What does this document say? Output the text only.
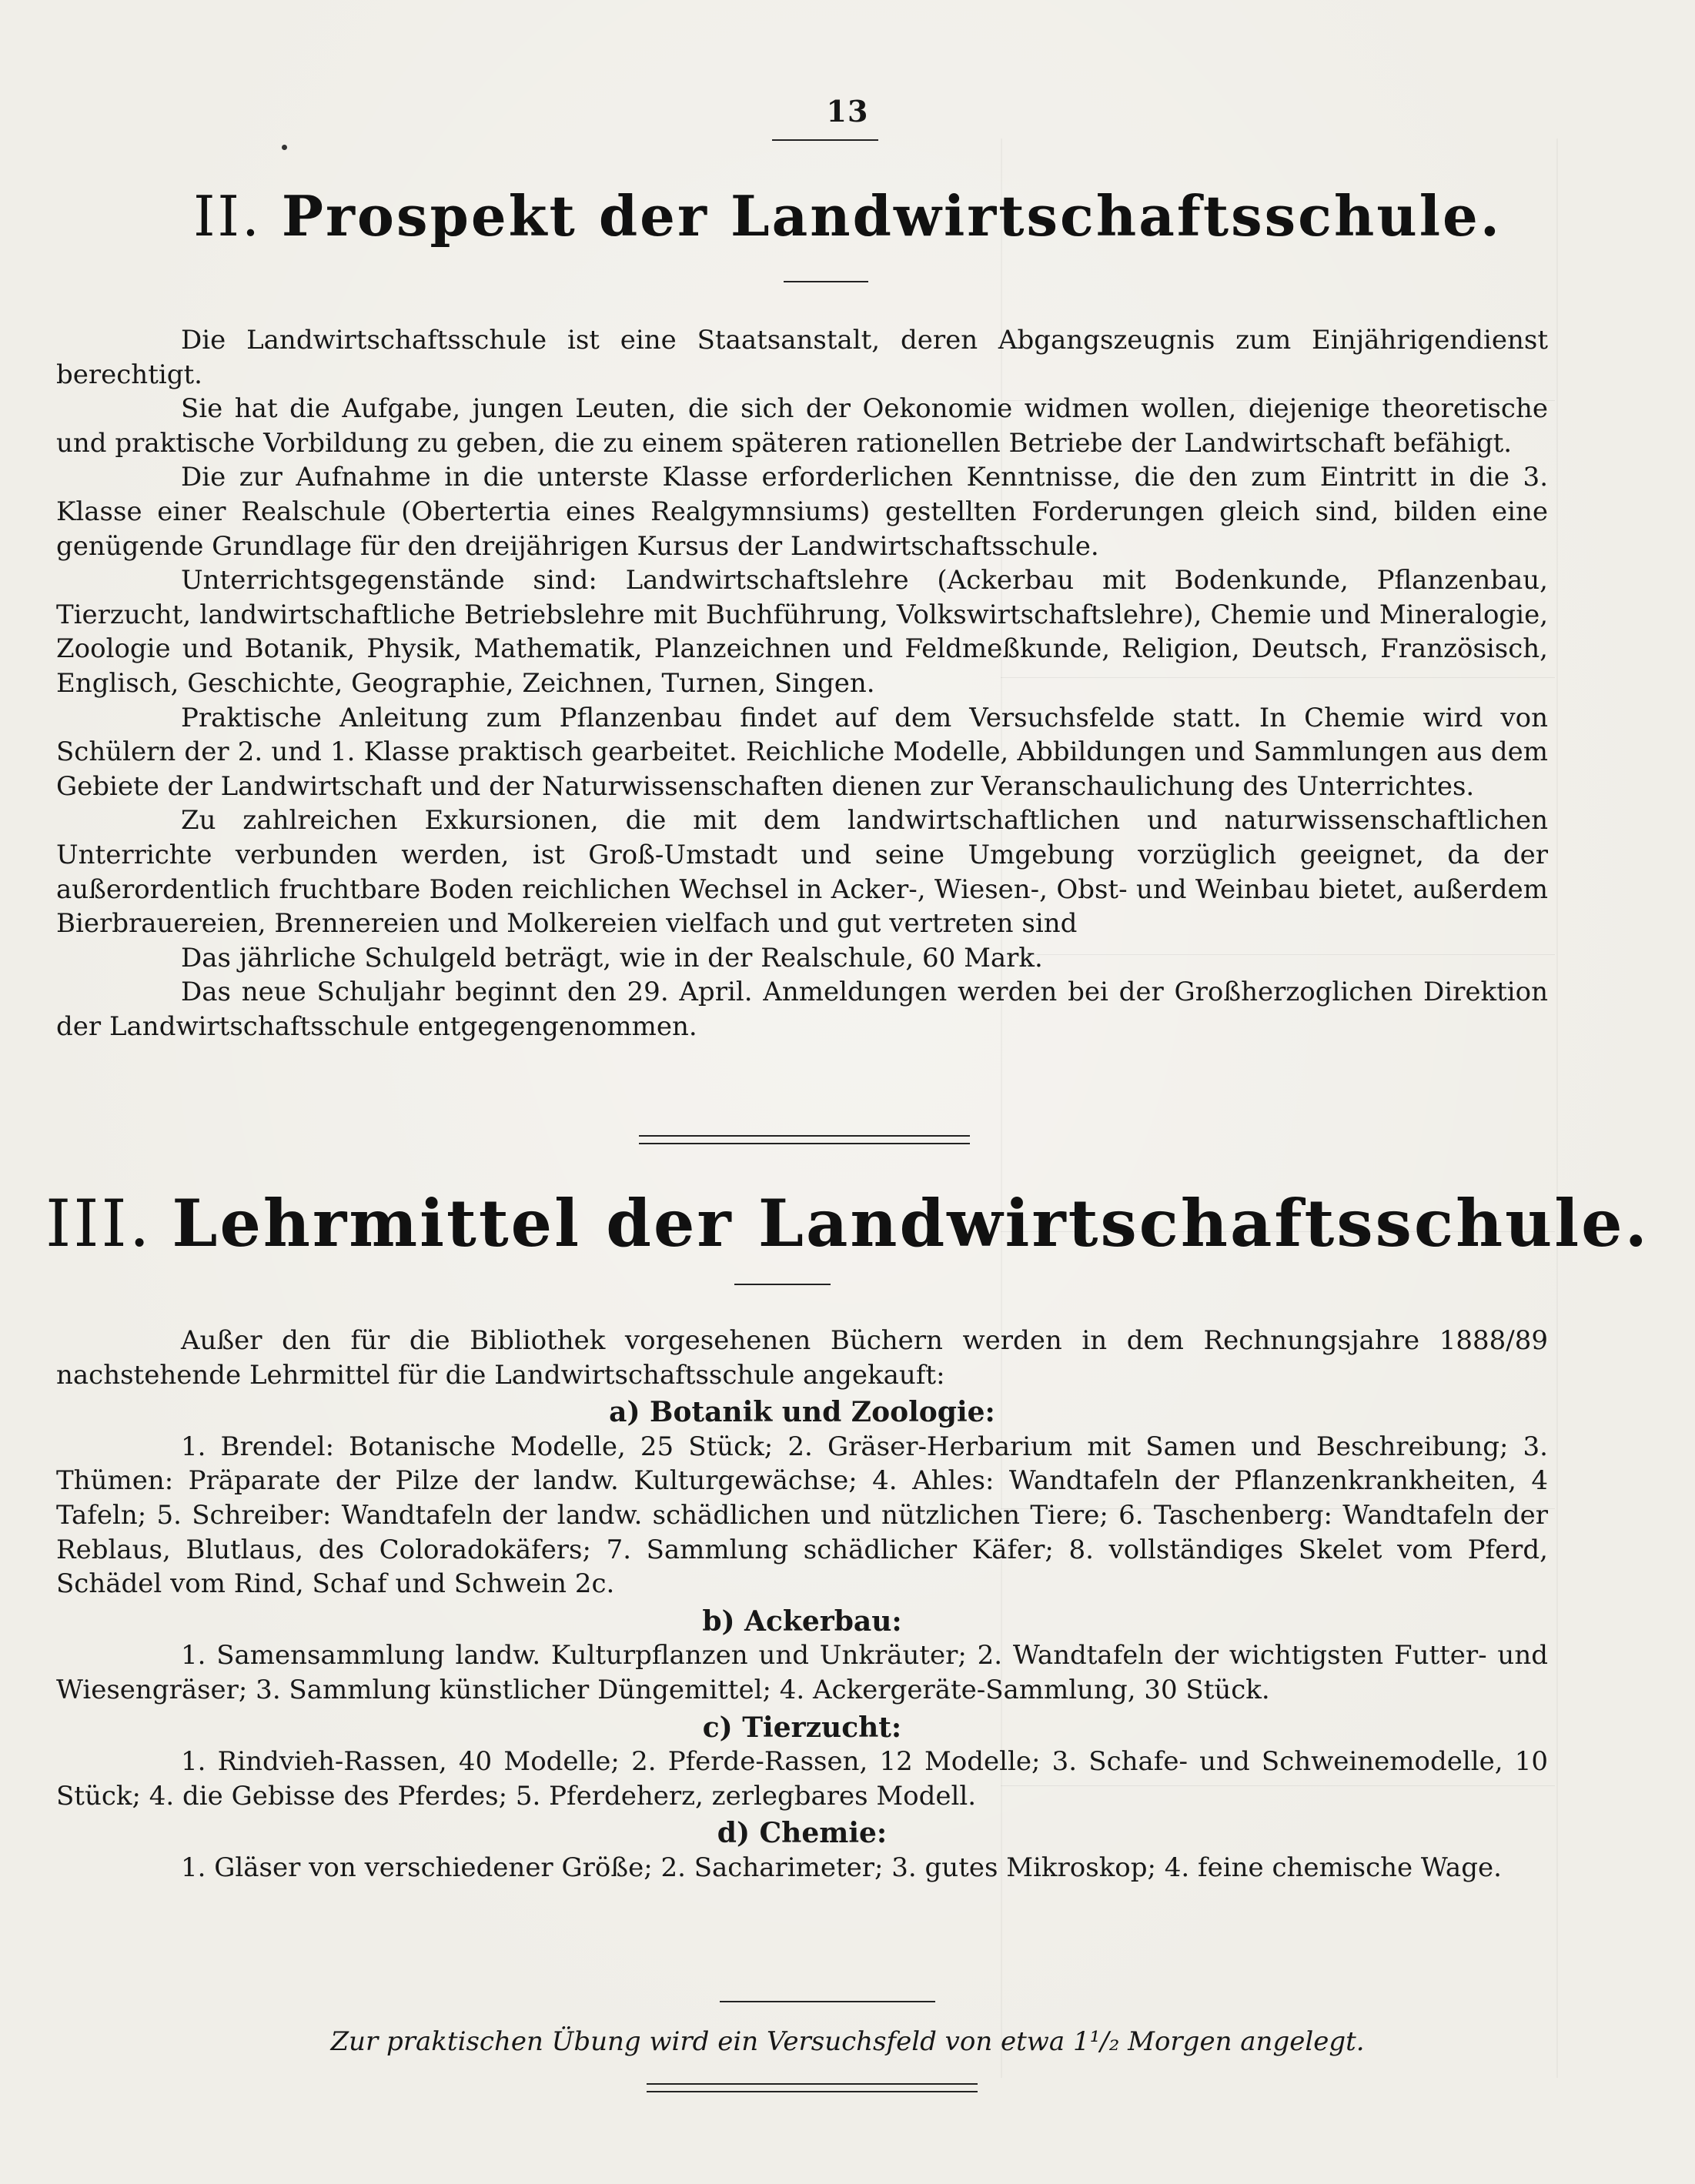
13
II. Prospekt der Landwirtschaftsschule.

Die Landwirtschaftsschule ist eine Staatsanstalt, deren Abgangszeugnis zum Einjährigendienst berechtigt.

Sie hat die Aufgabe, jungen Leuten, die sich der Oekonomie widmen wollen, diejenige theoretische und praktische Vorbildung zu geben, die zu einem späteren rationellen Betriebe der Landwirtschaft befähigt.

Die zur Aufnahme in die unterste Klasse erforderlichen Kenntnisse, die den zum Eintritt in die 3. Klasse einer Realschule (Obertertia eines Realgymnsiums) gestellten Forderungen gleich sind, bilden eine genügende Grundlage für den dreijährigen Kursus der Landwirtschaftsschule.

Unterrichtsgegenstände sind: Landwirtschaftslehre (Ackerbau mit Bodenkunde, Pflanzenbau, Tierzucht, landwirtschaftliche Betriebslehre mit Buchführung, Volkswirtschaftslehre), Chemie und Mineralogie, Zoologie und Botanik, Physik, Mathematik, Planzeichnen und Feldmeßkunde, Religion, Deutsch, Französisch, Englisch, Geschichte, Geographie, Zeichnen, Turnen, Singen.

Praktische Anleitung zum Pflanzenbau findet auf dem Versuchsfelde statt. In Chemie wird von Schülern der 2. und 1. Klasse praktisch gearbeitet. Reichliche Modelle, Abbildungen und Sammlungen aus dem Gebiete der Landwirtschaft und der Naturwissenschaften dienen zur Veranschaulichung des Unterrichtes.

Zu zahlreichen Exkursionen, die mit dem landwirtschaftlichen und naturwissenschaftlichen Unterrichte verbunden werden, ist Groß-Umstadt und seine Umgebung vorzüglich geeignet, da der außerordentlich fruchtbare Boden reichlichen Wechsel in Acker-, Wiesen-, Obst- und Weinbau bietet, außerdem Bierbrauereien, Brennereien und Molkereien vielfach und gut vertreten sind

Das jährliche Schulgeld beträgt, wie in der Realschule, 60 Mark.

Das neue Schuljahr beginnt den 29. April. Anmeldungen werden bei der Großherzoglichen Direktion der Landwirtschaftsschule entgegengenommen.

III. Lehrmittel der Landwirtschaftsschule.

Außer den für die Bibliothek vorgesehenen Büchern werden in dem Rechnungsjahre 1888/89 nachstehende Lehrmittel für die Landwirtschaftsschule angekauft:

a) Botanik und Zoologie:

1. Brendel: Botanische Modelle, 25 Stück; 2. Gräser-Herbarium mit Samen und Beschreibung; 3. Thümen: Präparate der Pilze der landw. Kulturgewächse; 4. Ahles: Wandtafeln der Pflanzenkrankheiten, 4 Tafeln; 5. Schreiber: Wandtafeln der landw. schädlichen und nützlichen Tiere; 6. Taschenberg: Wandtafeln der Reblaus, Blutlaus, des Coloradokäfers; 7. Sammlung schädlicher Käfer; 8. vollständiges Skelet vom Pferd, Schädel vom Rind, Schaf und Schwein 2c.

b) Ackerbau:

1. Samensammlung landw. Kulturpflanzen und Unkräuter; 2. Wandtafeln der wichtigsten Futter- und Wiesengräser; 3. Sammlung künstlicher Düngemittel; 4. Ackergeräte-Sammlung, 30 Stück.

c) Tierzucht:

1. Rindvieh-Rassen, 40 Modelle; 2. Pferde-Rassen, 12 Modelle; 3. Schafe- und Schweinemodelle, 10 Stück; 4. die Gebisse des Pferdes; 5. Pferdeherz, zerlegbares Modell.

d) Chemie:

1. Gläser von verschiedener Größe; 2. Sacharimeter; 3. gutes Mikroskop; 4. feine chemische Wage.

Zur praktischen Übung wird ein Versuchsfeld von etwa 1¹/₂ Morgen angelegt.
